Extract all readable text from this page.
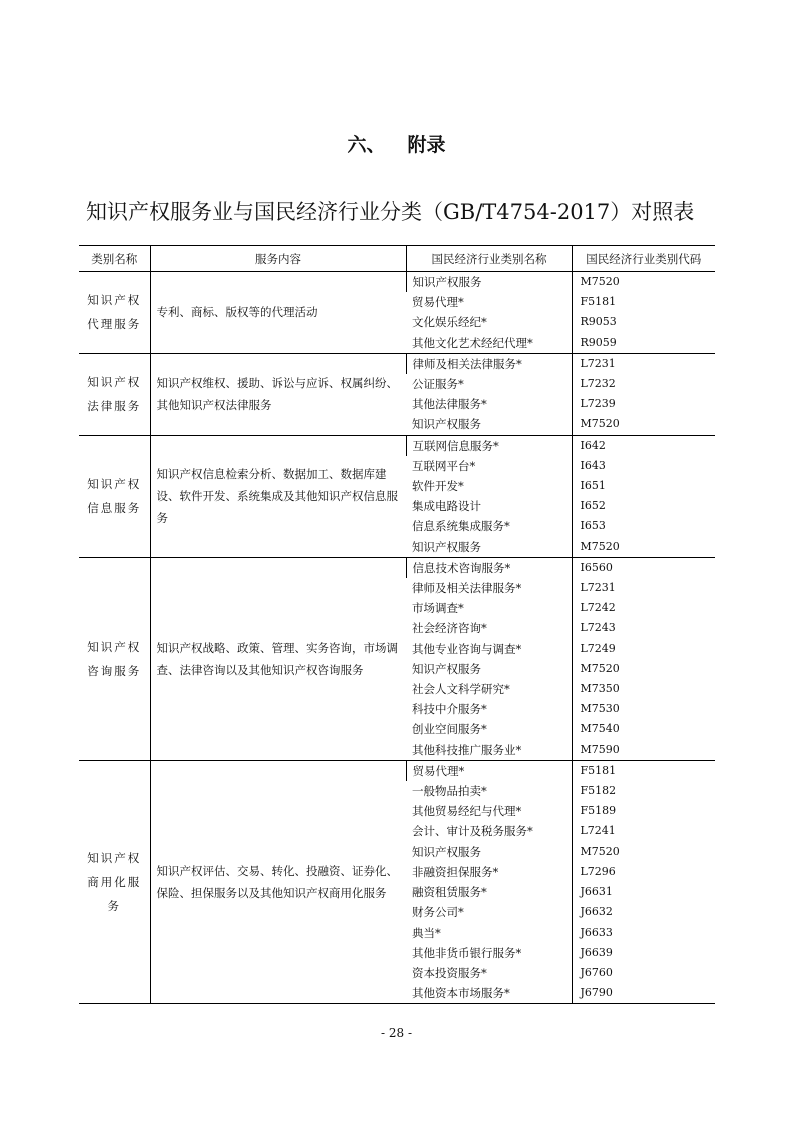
六、 附录
知识产权服务业与国民经济行业分类（GB/T4754-2017）对照表
类别名称	服务内容	国民经济行业类别名称	国民经济行业类别代码
知识产权代理服务	专利、商标、版权等的代理活动	知识产权服务	M7520
		贸易代理*	F5181
		文化娱乐经纪*	R9053
		其他文化艺术经纪代理*	R9059
知识产权法律服务	知识产权维权、援助、诉讼与应诉、权属纠纷、其他知识产权法律服务	律师及相关法律服务*	L7231
		公证服务*	L7232
		其他法律服务*	L7239
		知识产权服务	M7520
知识产权信息服务	知识产权信息检索分析、数据加工、数据库建设、软件开发、系统集成及其他知识产权信息服务	互联网信息服务*	I642
		互联网平台*	I643
		软件开发*	I651
		集成电路设计	I652
		信息系统集成服务*	I653
		知识产权服务	M7520
知识产权咨询服务	知识产权战略、政策、管理、实务咨询，市场调查、法律咨询以及其他知识产权咨询服务	信息技术咨询服务*	I6560
		律师及相关法律服务*	L7231
		市场调查*	L7242
		社会经济咨询*	L7243
		其他专业咨询与调查*	L7249
		知识产权服务	M7520
		社会人文科学研究*	M7350
		科技中介服务*	M7530
		创业空间服务*	M7540
		其他科技推广服务业*	M7590
知识产权商用化服务	知识产权评估、交易、转化、投融资、证券化、保险、担保服务以及其他知识产权商用化服务	贸易代理*	F5181
		一般物品拍卖*	F5182
		其他贸易经纪与代理*	F5189
		会计、审计及税务服务*	L7241
		知识产权服务	M7520
		非融资担保服务*	L7296
		融资租赁服务*	J6631
		财务公司*	J6632
		典当*	J6633
		其他非货币银行服务*	J6639
		资本投资服务*	J6760
		其他资本市场服务*	J6790
- 28 -
